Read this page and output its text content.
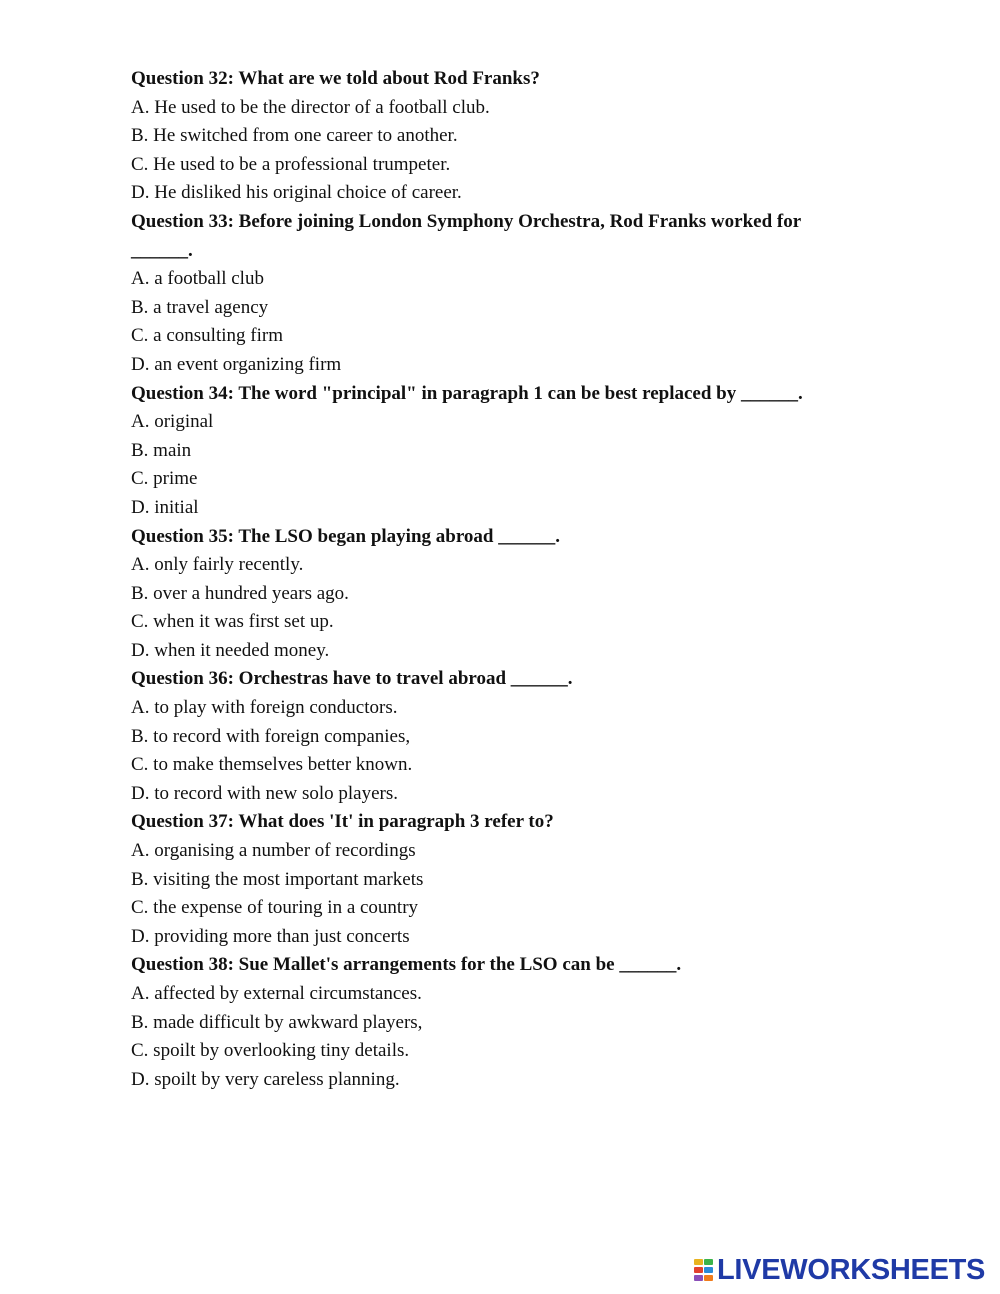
Question 32: What are we told about Rod Franks?
A. He used to be the director of a football club.
B. He switched from one career to another.
C. He used to be a professional trumpeter.
D. He disliked his original choice of career.
Question 33: Before joining London Symphony Orchestra, Rod Franks worked for
______.
A. a football club
B. a travel agency
C. a consulting firm
D. an event organizing firm
Question 34: The word "principal" in paragraph 1 can be best replaced by ______.
A. original
B. main
C. prime
D. initial
Question 35: The LSO began playing abroad ______.
A. only fairly recently.
B. over a hundred years ago.
C. when it was first set up.
D. when it needed money.
Question 36: Orchestras have to travel abroad ______.
A. to play with foreign conductors.
B. to record with foreign companies,
C. to make themselves better known.
D. to record with new solo players.
Question 37: What does 'It' in paragraph 3 refer to?
A. organising a number of recordings
B. visiting the most important markets
C. the expense of touring in a country
D. providing more than just concerts
Question 38: Sue Mallet's arrangements for the LSO can be ______.
A. affected by external circumstances.
B. made difficult by awkward players,
C. spoilt by overlooking tiny details.
D. spoilt by very careless planning.
LIVEWORKSHEETS
